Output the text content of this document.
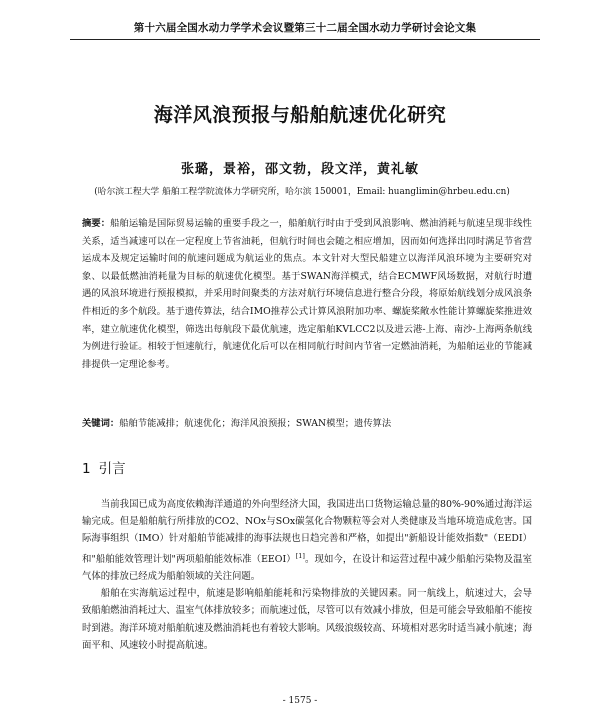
第十六届全国水动力学学术会议暨第三十二届全国水动力学研讨会论文集
海洋风浪预报与船舶航速优化研究
张璐，景裕，邵文勃，段文洋，黄礼敏
(哈尔滨工程大学 船舶工程学院流体力学研究所，哈尔滨 150001，Email: huanglimin@hrbeu.edu.cn)
摘要：船舶运输是国际贸易运输的重要手段之一，船舶航行时由于受到风浪影响、燃油消耗与航速呈现非线性关系，适当减速可以在一定程度上节省油耗，但航行时间也会随之相应增加，因而如何选择出同时满足节省营运成本及规定运输时间的航速问题成为航运业的焦点。本文针对大型民船建立以海洋风浪环境为主要研究对象、以最低燃油消耗量为目标的航速优化模型。基于SWAN海洋模式，结合ECMWF风场数据，对航行时遭遇的风浪环境进行预报模拟，并采用时间聚类的方法对航行环境信息进行整合分段，将原始航线划分成风浪条件相近的多个航段。基于遗传算法，结合IMO推荐公式计算风浪附加功率、螺旋桨敞水性能计算螺旋桨推进效率，建立航速优化模型，筛选出每航段下最优航速，选定船舶KVLCC2以及进云港-上海、南沙-上海两条航线为例进行验证。相较于恒速航行，航速优化后可以在相同航行时间内节省一定燃油消耗，为船舶运业的节能减排提供一定理论参考。
关键词：船舶节能减排；航速优化；海洋风浪预报；SWAN模型；遗传算法
1 引言

当前我国已成为高度依赖海洋通道的外向型经济大国，我国进出口货物运输总量的80%-90%通过海洋运输完成。但是船舶航行所排放的CO2、NOx与SOx碳氢化合物颗粒等会对人类健康及当地环境造成危害。国际海事组织（IMO）针对船舶节能减排的海事法规也日趋完善和严格，如提出"新船设计能效指数"（EEDI）和"船舶能效管理计划"两项船舶能效标准（EEOI）[1]。现如今，在设计和运营过程中减少船舶污染物及温室气体的排放已经成为船舶领域的关注问题。

船舶在实海航运过程中，航速是影响船舶能耗和污染物排放的关键因素。同一航线上，航速过大，会导致船舶燃油消耗过大、温室气体排放较多；而航速过低，尽管可以有效减小排放，但是可能会导致船舶不能按时到港。海洋环境对船舶航速及燃油消耗也有着较大影响。风级浪级较高、环境相对恶劣时适当减小航速；海面平和、风速较小时提高航速。

- 1575 -
